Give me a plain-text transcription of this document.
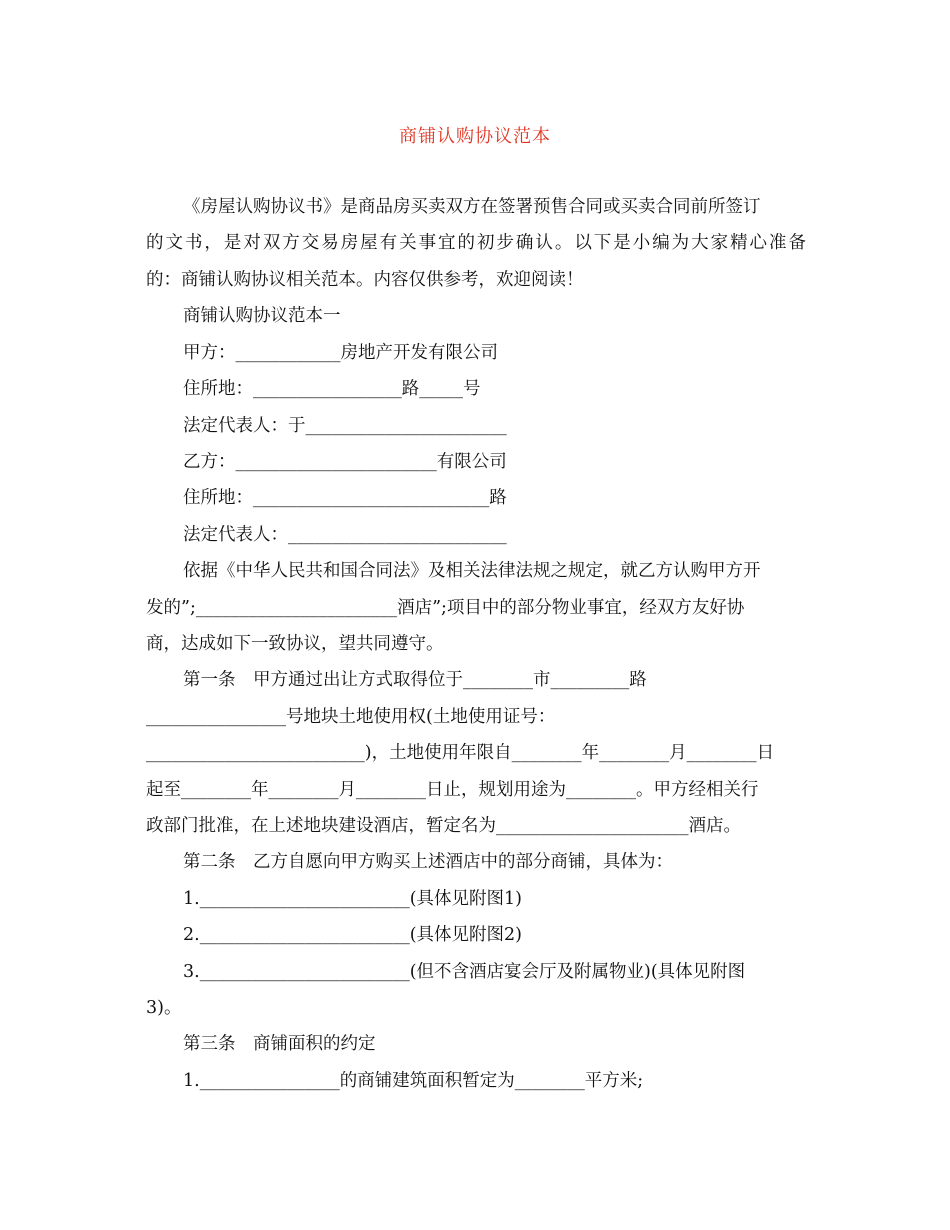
商铺认购协议范本
《房屋认购协议书》是商品房买卖双方在签署预售合同或买卖合同前所签订
的文书，是对双方交易房屋有关事宜的初步确认。以下是小编为大家精心准备
的：商铺认购协议相关范本。内容仅供参考，欢迎阅读！
商铺认购协议范本一
甲方：____________房地产开发有限公司
住所地：_________________路_____号
法定代表人：于_______________________
乙方：_______________________有限公司
住所地：___________________________路
法定代表人：_________________________
依据《中华人民共和国合同法》及相关法律法规之规定，就乙方认购甲方开
发的”;_______________________酒店”;项目中的部分物业事宜，经双方友好协
商，达成如下一致协议，望共同遵守。
第一条　甲方通过出让方式取得位于________市_________路
________________号地块土地使用权(土地使用证号：
_________________________)，土地使用年限自________年________月________日
起至________年________月________日止，规划用途为________。甲方经相关行
政部门批准，在上述地块建设酒店，暂定名为______________________酒店。
第二条　乙方自愿向甲方购买上述酒店中的部分商铺，具体为：
1.________________________(具体见附图1)
2.________________________(具体见附图2)
3.________________________(但不含酒店宴会厅及附属物业)(具体见附图
3)。
第三条　商铺面积的约定
1.________________的商铺建筑面积暂定为________平方米;
